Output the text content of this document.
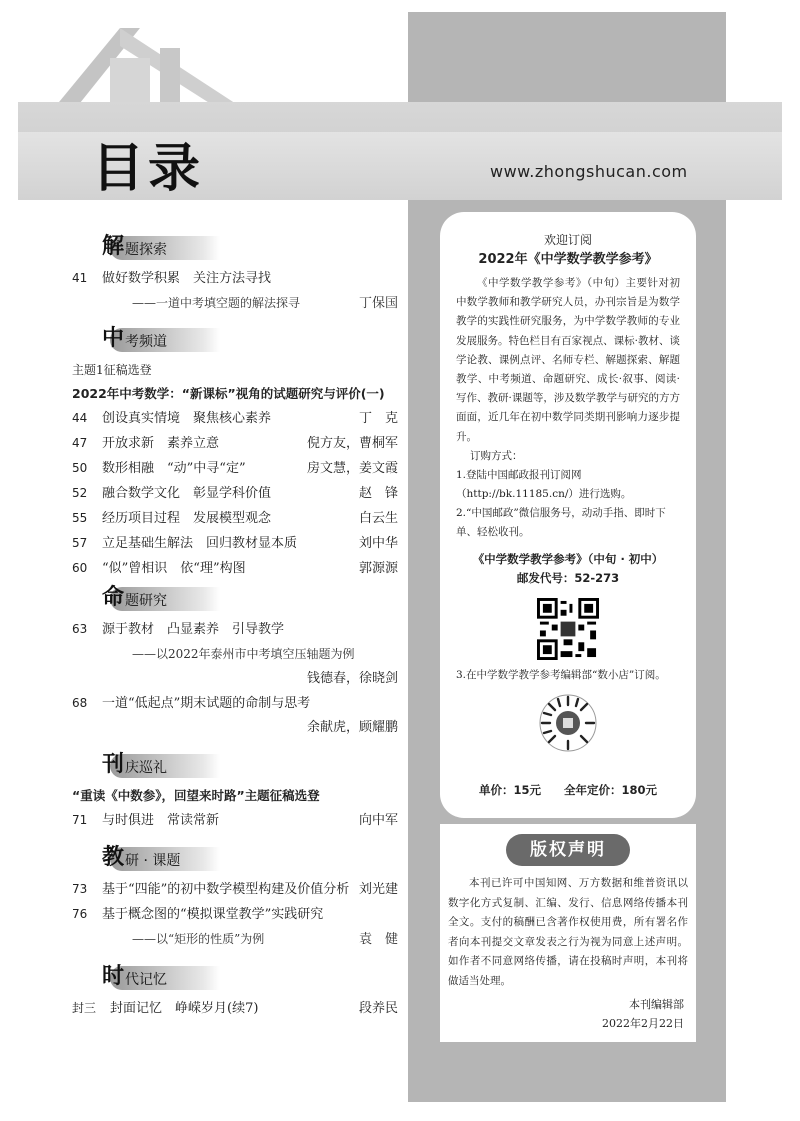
目录	www.zhongshucan.com
解 题探索
41	做好数学积累　关注方法寻找
——一道中考填空题的解法探寻	丁保国
中 考频道
主题1征稿选登
2022年中考数学：“新课标”视角的试题研究与评价(一)
44	创设真实情境　聚焦核心素养	丁　克
47	开放求新　素养立意	倪方友，曹桐军
50	数形相融　“动”中寻“定”	房文慧，姜文霞
52	融合数学文化　彰显学科价值	赵　锋
55	经历项目过程　发展模型观念	白云生
57	立足基础生解法　回归教材显本质	刘中华
60	“似”曾相识　依“理”构图	郭源源
命 题研究
63	源于教材　凸显素养　引导教学
——以2022年泰州市中考填空压轴题为例
钱德春，徐晓剑
68	一道“低起点”期末试题的命制与思考
余献虎，顾耀鹏
刊 庆巡礼
“重读《中数参》，回望来时路”主题征稿选登
71	与时俱进　常读常新	向中军
教 研 · 课题
73	基于“四能”的初中数学模型构建及价值分析 刘光建
76	基于概念图的“模拟课堂教学”实践研究
——以“矩形的性质”为例	袁　健
时 代记忆
封三	封面记忆　峥嵘岁月(续7)	段养民
欢迎订阅
2022年《中学数学教学参考》

《中学数学教学参考》（中旬）主要针对初中数学教师和教学研究人员，办刊宗旨是为数学教学的实践性研究服务，为中学数学教师的专业发展服务。特色栏目有百家视点、课标·教材、谈学论教、课例点评、名师专栏、解题探索、解题教学、中考频道、命题研究、成长·叙事、阅读·写作、教研·课题等，涉及数学教学与研究的方方面面，近几年在初中数学同类期刊影响力逐步提升。

订购方式：
1.登陆中国邮政报刊订阅网
（http://bk.11185.cn/）进行选购。
2.“中国邮政”微信服务号，动动手指、即时下单、轻松收刊。
《中学数学教学参考》（中旬 · 初中）
邮发代号：52-273
3.在中学数学教学参考编辑部“数小店”订阅。
单价：15元　　 全年定价：180元
版权声明

本刊已许可中国知网、万方数据和维普资讯以数字化方式复制、汇编、发行、信息网络传播本刊全文。支付的稿酬已含著作权使用费，所有署名作者向本刊提交文章发表之行为视为同意上述声明。如作者不同意网络传播，请在投稿时声明，本刊将做适当处理。

本刊编辑部
2022年2月22日
